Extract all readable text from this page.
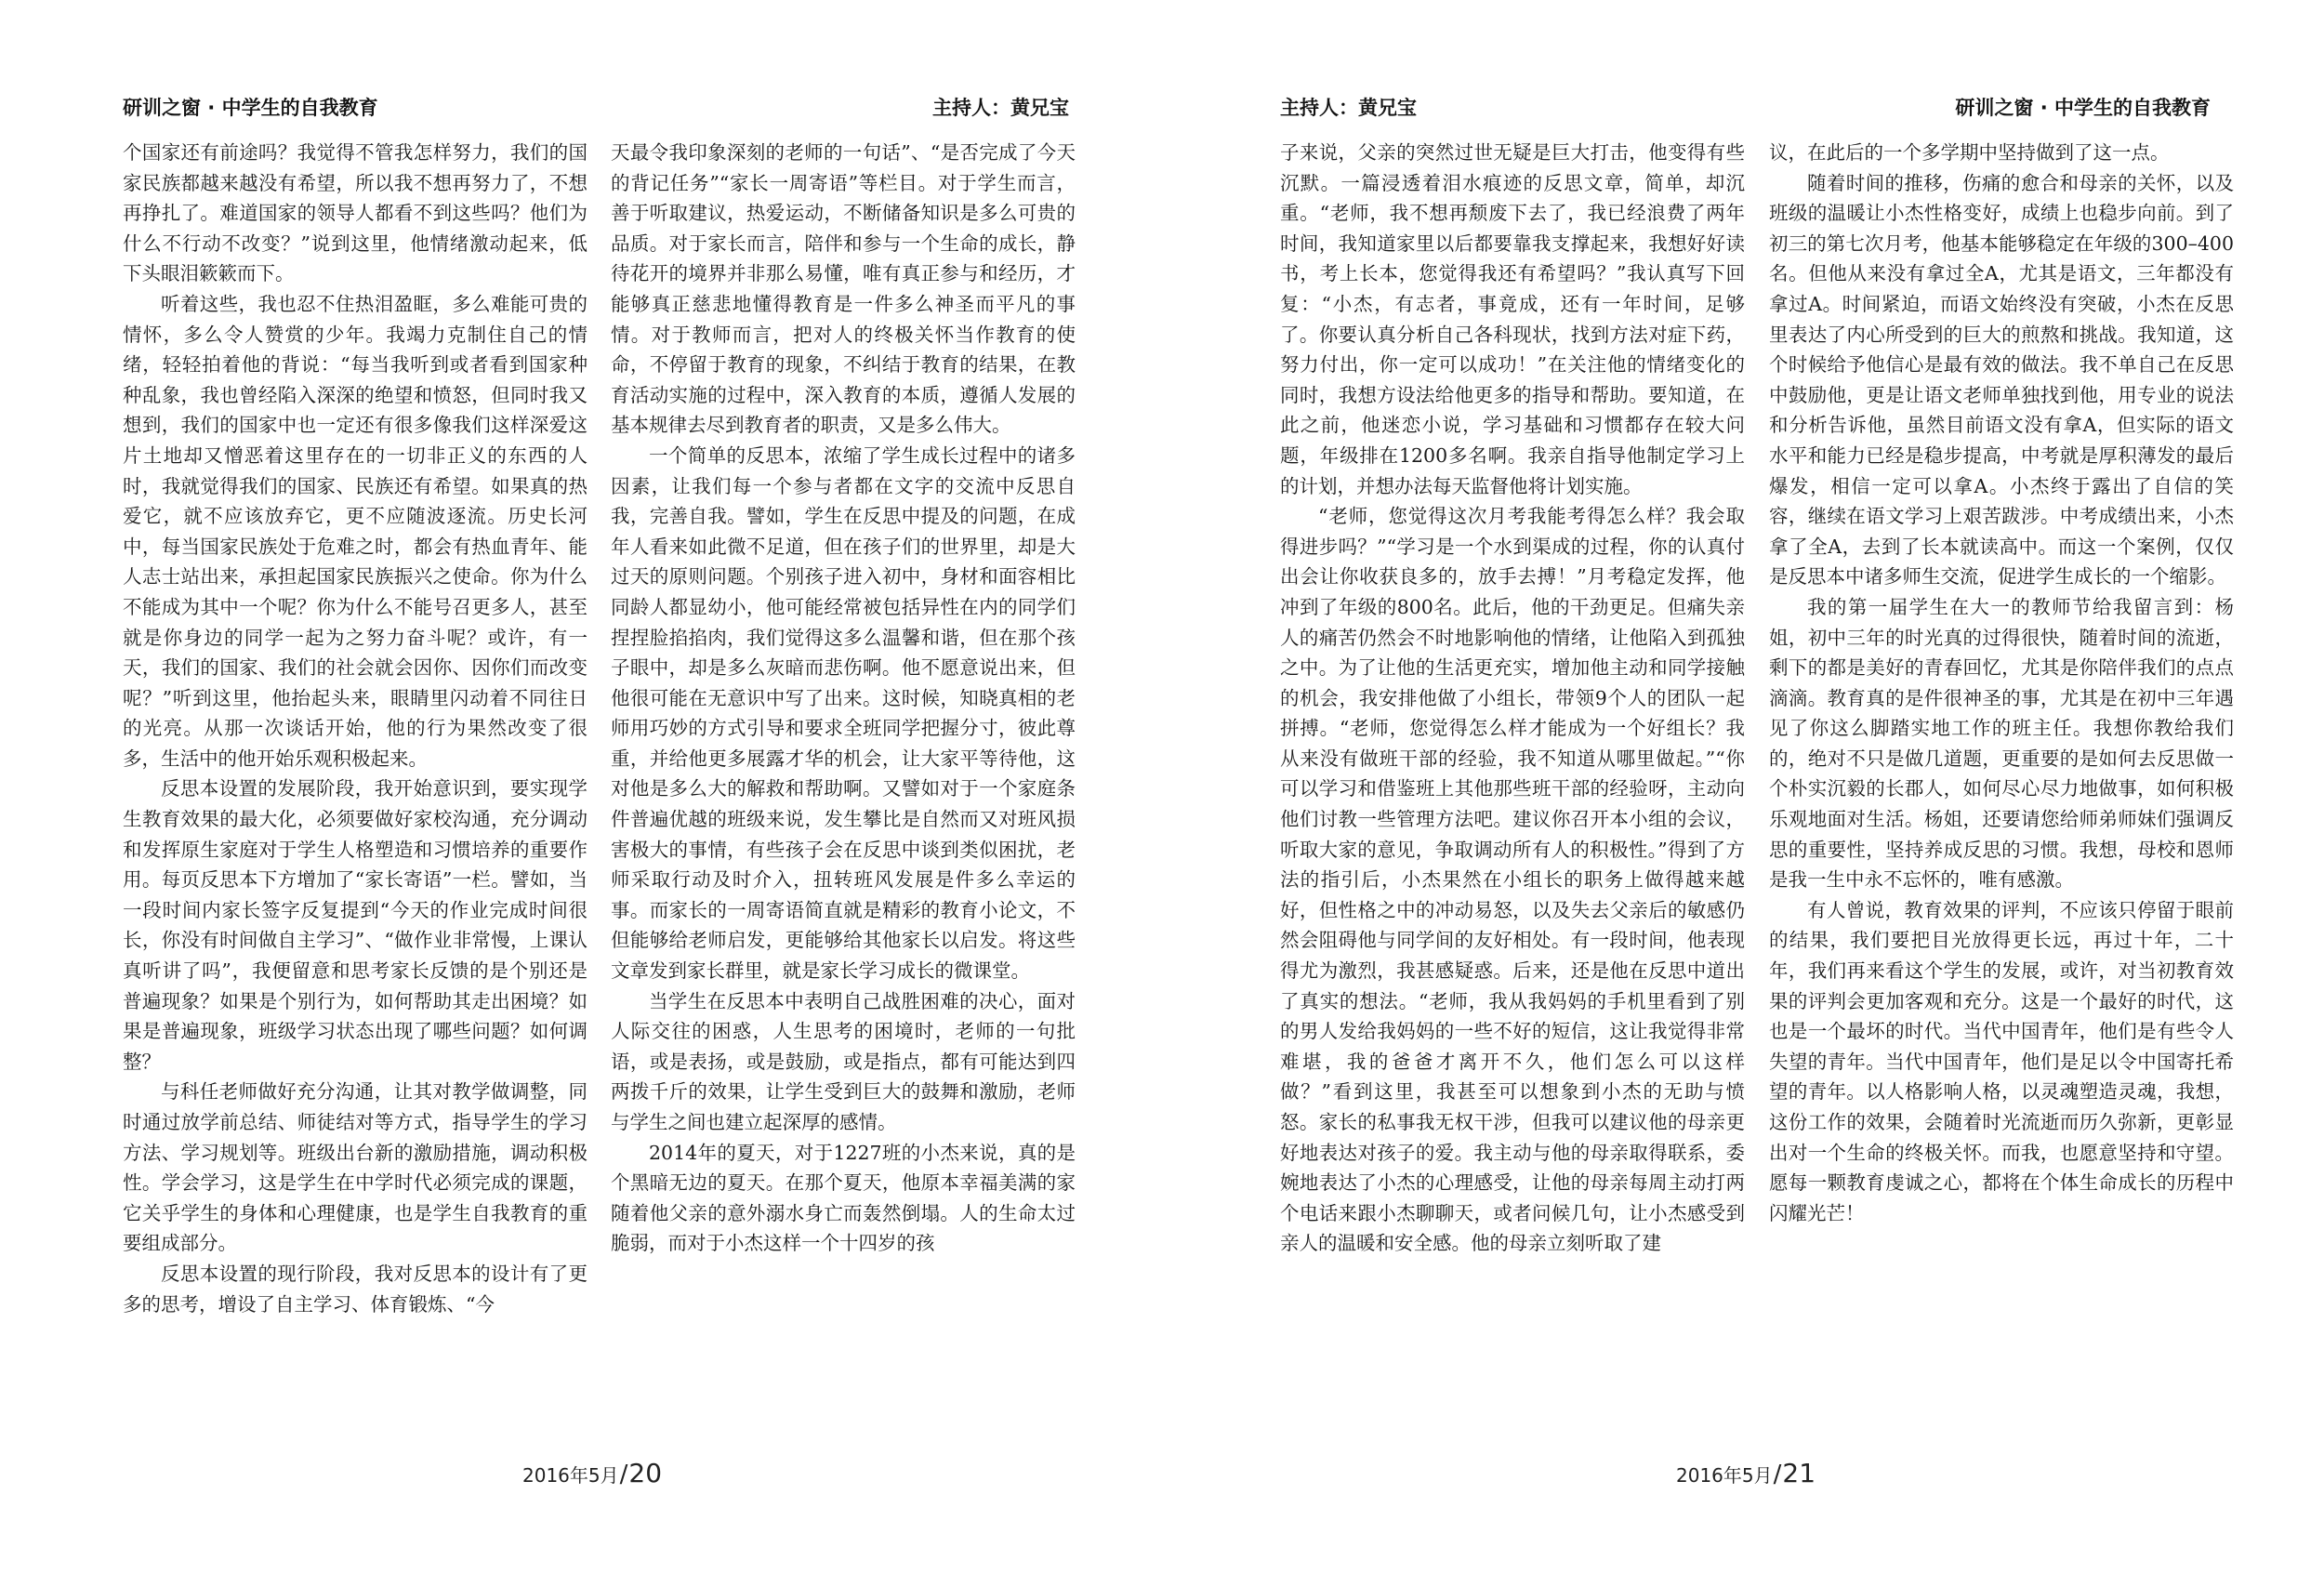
研训之窗 · 中学生的自我教育	主持人：黄兄宝

个国家还有前途吗？我觉得不管我怎样努力，我们的国家民族都越来越没有希望，所以我不想再努力了，不想再挣扎了。难道国家的领导人都看不到这些吗？他们为什么不行动不改变？”说到这里，他情绪激动起来，低下头眼泪簌簌而下。

听着这些，我也忍不住热泪盈眶，多么难能可贵的情怀，多么令人赞赏的少年。我竭力克制住自己的情绪，轻轻拍着他的背说：“每当我听到或者看到国家种种乱象，我也曾经陷入深深的绝望和愤怒，但同时我又想到，我们的国家中也一定还有很多像我们这样深爱这片土地却又憎恶着这里存在的一切非正义的东西的人时，我就觉得我们的国家、民族还有希望。如果真的热爱它，就不应该放弃它，更不应随波逐流。历史长河中，每当国家民族处于危难之时，都会有热血青年、能人志士站出来，承担起国家民族振兴之使命。你为什么不能成为其中一个呢？你为什么不能号召更多人，甚至就是你身边的同学一起为之努力奋斗呢？或许，有一天，我们的国家、我们的社会就会因你、因你们而改变呢？”听到这里，他抬起头来，眼睛里闪动着不同往日的光亮。从那一次谈话开始，他的行为果然改变了很多，生活中的他开始乐观积极起来。

反思本设置的发展阶段，我开始意识到，要实现学生教育效果的最大化，必须要做好家校沟通，充分调动和发挥原生家庭对于学生人格塑造和习惯培养的重要作用。每页反思本下方增加了“家长寄语”一栏。譬如，当一段时间内家长签字反复提到“今天的作业完成时间很长，你没有时间做自主学习”、“做作业非常慢，上课认真听讲了吗”，我便留意和思考家长反馈的是个别还是普遍现象？如果是个别行为，如何帮助其走出困境？如果是普遍现象，班级学习状态出现了哪些问题？如何调整？

与科任老师做好充分沟通，让其对教学做调整，同时通过放学前总结、师徒结对等方式，指导学生的学习方法、学习规划等。班级出台新的激励措施，调动积极性。学会学习，这是学生在中学时代必须完成的课题，它关乎学生的身体和心理健康，也是学生自我教育的重要组成部分。

反思本设置的现行阶段，我对反思本的设计有了更多的思考，增设了自主学习、体育锻炼、“今

天最令我印象深刻的老师的一句话”、“是否完成了今天的背记任务”“家长一周寄语”等栏目。对于学生而言，善于听取建议，热爱运动，不断储备知识是多么可贵的品质。对于家长而言，陪伴和参与一个生命的成长，静待花开的境界并非那么易懂，唯有真正参与和经历，才能够真正慈悲地懂得教育是一件多么神圣而平凡的事情。对于教师而言，把对人的终极关怀当作教育的使命，不停留于教育的现象，不纠结于教育的结果，在教育活动实施的过程中，深入教育的本质，遵循人发展的基本规律去尽到教育者的职责，又是多么伟大。

一个简单的反思本，浓缩了学生成长过程中的诸多因素，让我们每一个参与者都在文字的交流中反思自我，完善自我。譬如，学生在反思中提及的问题，在成年人看来如此微不足道，但在孩子们的世界里，却是大过天的原则问题。个别孩子进入初中，身材和面容相比同龄人都显幼小，他可能经常被包括异性在内的同学们捏捏脸掐掐肉，我们觉得这多么温馨和谐，但在那个孩子眼中，却是多么灰暗而悲伤啊。他不愿意说出来，但他很可能在无意识中写了出来。这时候，知晓真相的老师用巧妙的方式引导和要求全班同学把握分寸，彼此尊重，并给他更多展露才华的机会，让大家平等待他，这对他是多么大的解救和帮助啊。又譬如对于一个家庭条件普遍优越的班级来说，发生攀比是自然而又对班风损害极大的事情，有些孩子会在反思中谈到类似困扰，老师采取行动及时介入，扭转班风发展是件多么幸运的事。而家长的一周寄语简直就是精彩的教育小论文，不但能够给老师启发，更能够给其他家长以启发。将这些文章发到家长群里，就是家长学习成长的微课堂。

当学生在反思本中表明自己战胜困难的决心，面对人际交往的困惑，人生思考的困境时，老师的一句批语，或是表扬，或是鼓励，或是指点，都有可能达到四两拨千斤的效果，让学生受到巨大的鼓舞和激励，老师与学生之间也建立起深厚的感情。

2014年的夏天，对于1227班的小杰来说，真的是个黑暗无边的夏天。在那个夏天，他原本幸福美满的家随着他父亲的意外溺水身亡而轰然倒塌。人的生命太过脆弱，而对于小杰这样一个十四岁的孩

2016年5月/20
主持人：黄兄宝	研训之窗 · 中学生的自我教育

子来说，父亲的突然过世无疑是巨大打击，他变得有些沉默。一篇浸透着泪水痕迹的反思文章，简单，却沉重。“老师，我不想再颓废下去了，我已经浪费了两年时间，我知道家里以后都要靠我支撑起来，我想好好读书，考上长本，您觉得我还有希望吗？”我认真写下回复：“小杰，有志者，事竟成，还有一年时间，足够了。你要认真分析自己各科现状，找到方法对症下药，努力付出，你一定可以成功！”在关注他的情绪变化的同时，我想方设法给他更多的指导和帮助。要知道，在此之前，他迷恋小说，学习基础和习惯都存在较大问题，年级排在1200多名啊。我亲自指导他制定学习上的计划，并想办法每天监督他将计划实施。

“老师，您觉得这次月考我能考得怎么样？我会取得进步吗？”“学习是一个水到渠成的过程，你的认真付出会让你收获良多的，放手去搏！”月考稳定发挥，他冲到了年级的800名。此后，他的干劲更足。但痛失亲人的痛苦仍然会不时地影响他的情绪，让他陷入到孤独之中。为了让他的生活更充实，增加他主动和同学接触的机会，我安排他做了小组长，带领9个人的团队一起拼搏。“老师，您觉得怎么样才能成为一个好组长？我从来没有做班干部的经验，我不知道从哪里做起。”“你可以学习和借鉴班上其他那些班干部的经验呀，主动向他们讨教一些管理方法吧。建议你召开本小组的会议，听取大家的意见，争取调动所有人的积极性。”得到了方法的指引后，小杰果然在小组长的职务上做得越来越好，但性格之中的冲动易怒，以及失去父亲后的敏感仍然会阻碍他与同学间的友好相处。有一段时间，他表现得尤为激烈，我甚感疑惑。后来，还是他在反思中道出了真实的想法。“老师，我从我妈妈的手机里看到了别的男人发给我妈妈的一些不好的短信，这让我觉得非常难堪，我的爸爸才离开不久，他们怎么可以这样做？”看到这里，我甚至可以想象到小杰的无助与愤怒。家长的私事我无权干涉，但我可以建议他的母亲更好地表达对孩子的爱。我主动与他的母亲取得联系，委婉地表达了小杰的心理感受，让他的母亲每周主动打两个电话来跟小杰聊聊天，或者问候几句，让小杰感受到亲人的温暖和安全感。他的母亲立刻听取了建

议，在此后的一个多学期中坚持做到了这一点。

随着时间的推移，伤痛的愈合和母亲的关怀，以及班级的温暖让小杰性格变好，成绩上也稳步向前。到了初三的第七次月考，他基本能够稳定在年级的300–400名。但他从来没有拿过全A，尤其是语文，三年都没有拿过A。时间紧迫，而语文始终没有突破，小杰在反思里表达了内心所受到的巨大的煎熬和挑战。我知道，这个时候给予他信心是最有效的做法。我不单自己在反思中鼓励他，更是让语文老师单独找到他，用专业的说法和分析告诉他，虽然目前语文没有拿A，但实际的语文水平和能力已经是稳步提高，中考就是厚积薄发的最后爆发，相信一定可以拿A。小杰终于露出了自信的笑容，继续在语文学习上艰苦跋涉。中考成绩出来，小杰拿了全A，去到了长本就读高中。而这一个案例，仅仅是反思本中诸多师生交流，促进学生成长的一个缩影。

我的第一届学生在大一的教师节给我留言到：杨姐，初中三年的时光真的过得很快，随着时间的流逝，剩下的都是美好的青春回忆，尤其是你陪伴我们的点点滴滴。教育真的是件很神圣的事，尤其是在初中三年遇见了你这么脚踏实地工作的班主任。我想你教给我们的，绝对不只是做几道题，更重要的是如何去反思做一个朴实沉毅的长郡人，如何尽心尽力地做事，如何积极乐观地面对生活。杨姐，还要请您给师弟师妹们强调反思的重要性，坚持养成反思的习惯。我想，母校和恩师是我一生中永不忘怀的，唯有感激。

有人曾说，教育效果的评判，不应该只停留于眼前的结果，我们要把目光放得更长远，再过十年，二十年，我们再来看这个学生的发展，或许，对当初教育效果的评判会更加客观和充分。这是一个最好的时代，这也是一个最坏的时代。当代中国青年，他们是有些令人失望的青年。当代中国青年，他们是足以令中国寄托希望的青年。以人格影响人格，以灵魂塑造灵魂，我想，这份工作的效果，会随着时光流逝而历久弥新，更彰显出对一个生命的终极关怀。而我，也愿意坚持和守望。愿每一颗教育虔诚之心，都将在个体生命成长的历程中闪耀光芒！

2016年5月/21
